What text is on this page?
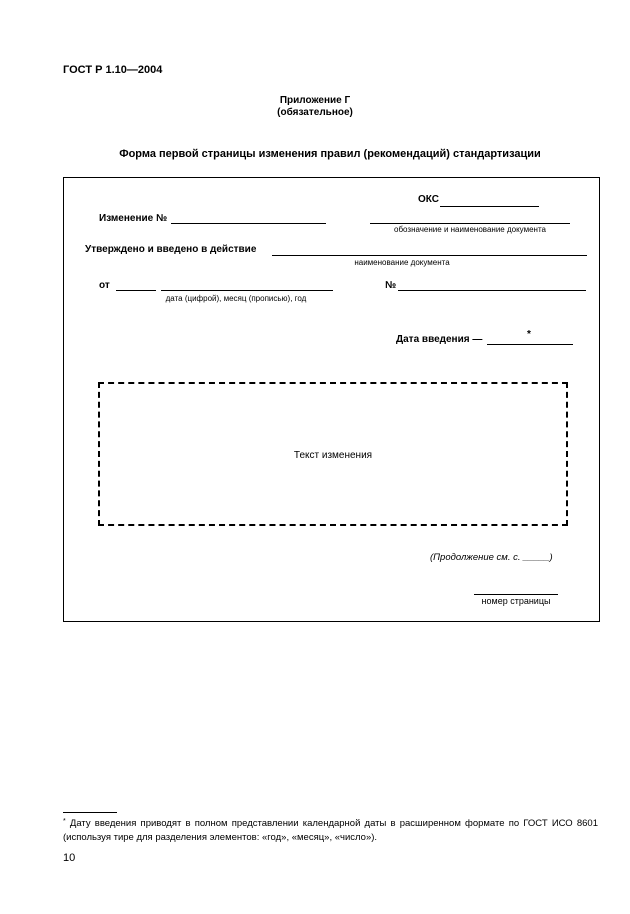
ГОСТ Р 1.10—2004
Приложение Г
(обязательное)
Форма первой страницы изменения правил (рекомендаций) стандартизации
ОКС
Изменение №
обозначение и наименование документа
Утверждено и введено в действие
наименование документа
от
дата (цифрой), месяц (прописью), год
№
Дата введения —	*
Текст изменения
(Продолжение см. с. _____)
номер страницы
* Дату введения приводят в полном представлении календарной даты в расширенном формате по ГОСТ ИСО 8601 (используя тире для разделения элементов: «год», «месяц», «число»).
10
